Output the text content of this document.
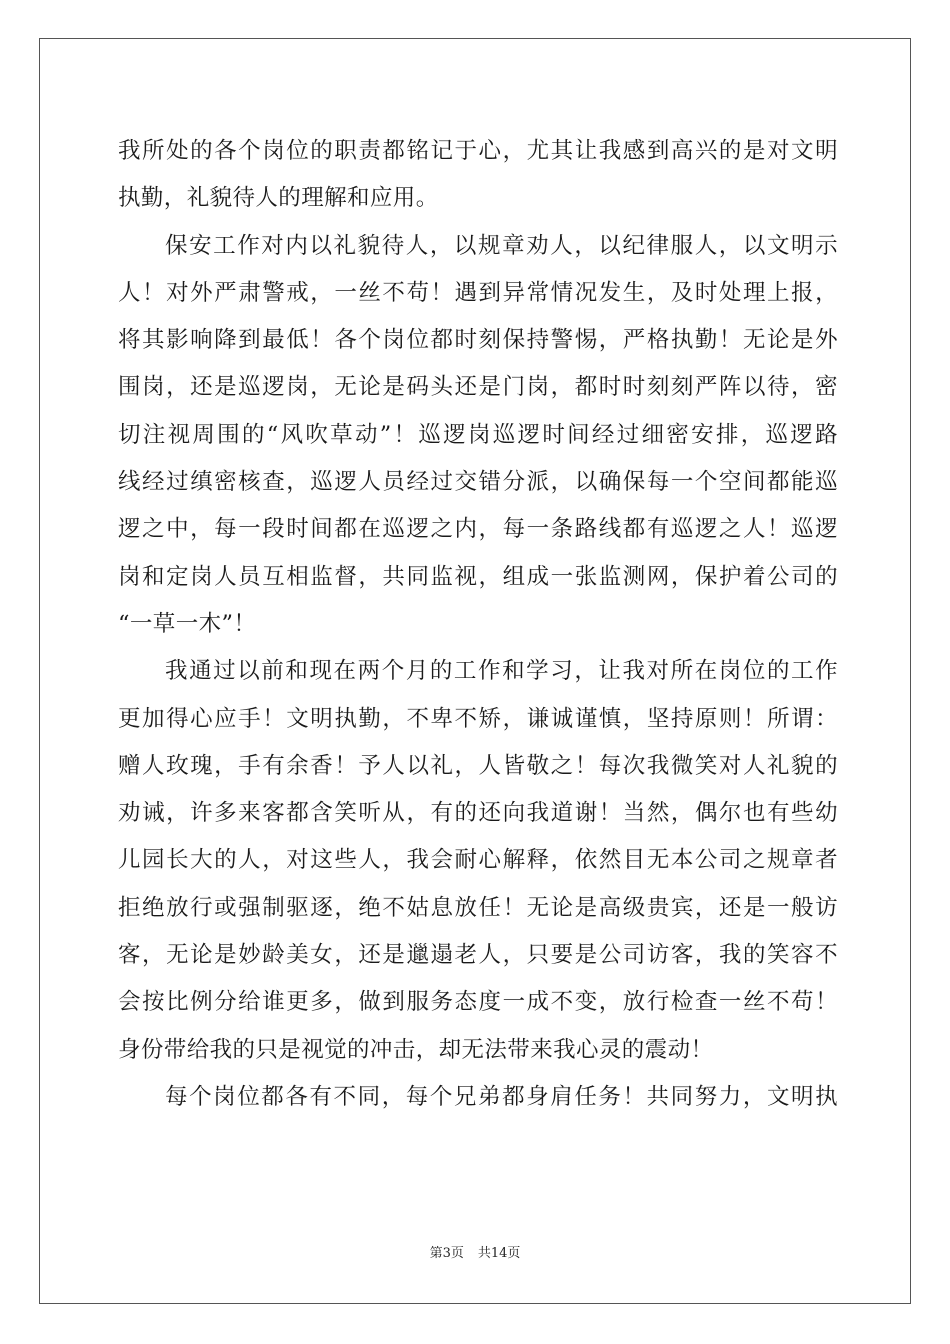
我所处的各个岗位的职责都铭记于心，尤其让我感到高兴的是对文明
执勤，礼貌待人的理解和应用。
保安工作对内以礼貌待人，以规章劝人，以纪律服人，以文明示
人！对外严肃警戒，一丝不苟！遇到异常情况发生，及时处理上报，
将其影响降到最低！各个岗位都时刻保持警惕，严格执勤！无论是外
围岗，还是巡逻岗，无论是码头还是门岗，都时时刻刻严阵以待，密
切注视周围的“风吹草动”！巡逻岗巡逻时间经过细密安排，巡逻路
线经过缜密核查，巡逻人员经过交错分派，以确保每一个空间都能巡
逻之中，每一段时间都在巡逻之内，每一条路线都有巡逻之人！巡逻
岗和定岗人员互相监督，共同监视，组成一张监测网，保护着公司的
“一草一木”！
我通过以前和现在两个月的工作和学习，让我对所在岗位的工作
更加得心应手！文明执勤，不卑不矫，谦诚谨慎，坚持原则！所谓：
赠人玫瑰，手有余香！予人以礼，人皆敬之！每次我微笑对人礼貌的
劝诫，许多来客都含笑听从，有的还向我道谢！当然，偶尔也有些幼
儿园长大的人，对这些人，我会耐心解释，依然目无本公司之规章者
拒绝放行或强制驱逐，绝不姑息放任！无论是高级贵宾，还是一般访
客，无论是妙龄美女，还是邋遢老人，只要是公司访客，我的笑容不
会按比例分给谁更多，做到服务态度一成不变，放行检查一丝不苟！
身份带给我的只是视觉的冲击，却无法带来我心灵的震动！
每个岗位都各有不同，每个兄弟都身肩任务！共同努力，文明执
第3页 共14页
